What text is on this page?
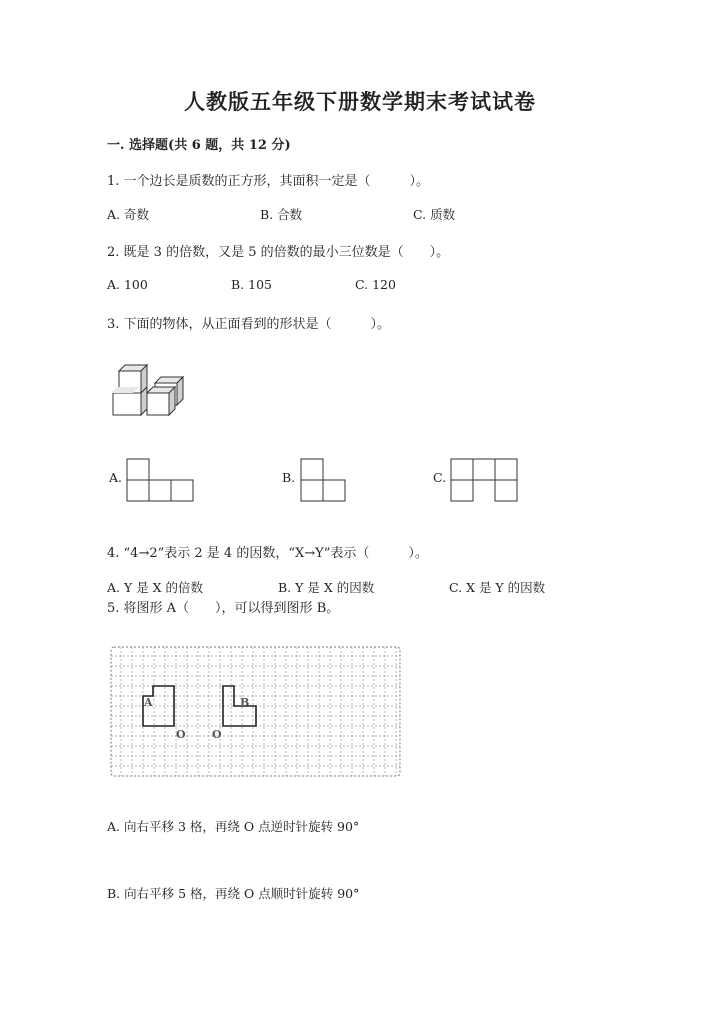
人教版五年级下册数学期末考试试卷
一. 选择题(共 6 题，共 12 分)
1. 一个边长是质数的正方形，其面积一定是（　　　）。
A. 奇数	B. 合数	C. 质数
2. 既是 3 的倍数，又是 5 的倍数的最小三位数是（　　）。
A. 100	B. 105	C. 120
3. 下面的物体，从正面看到的形状是（　　　）。
A.	B.	C.
4. “4→2”表示 2 是 4 的因数，“X→Y”表示（　　　）。
A. Y 是 X 的倍数	B. Y 是 X 的因数	C. X 是 Y 的因数
5. 将图形 A（　　），可以得到图形 B。
A	B
O O
A. 向右平移 3 格，再绕 O 点逆时针旋转 90°
B. 向右平移 5 格，再绕 O 点顺时针旋转 90°
